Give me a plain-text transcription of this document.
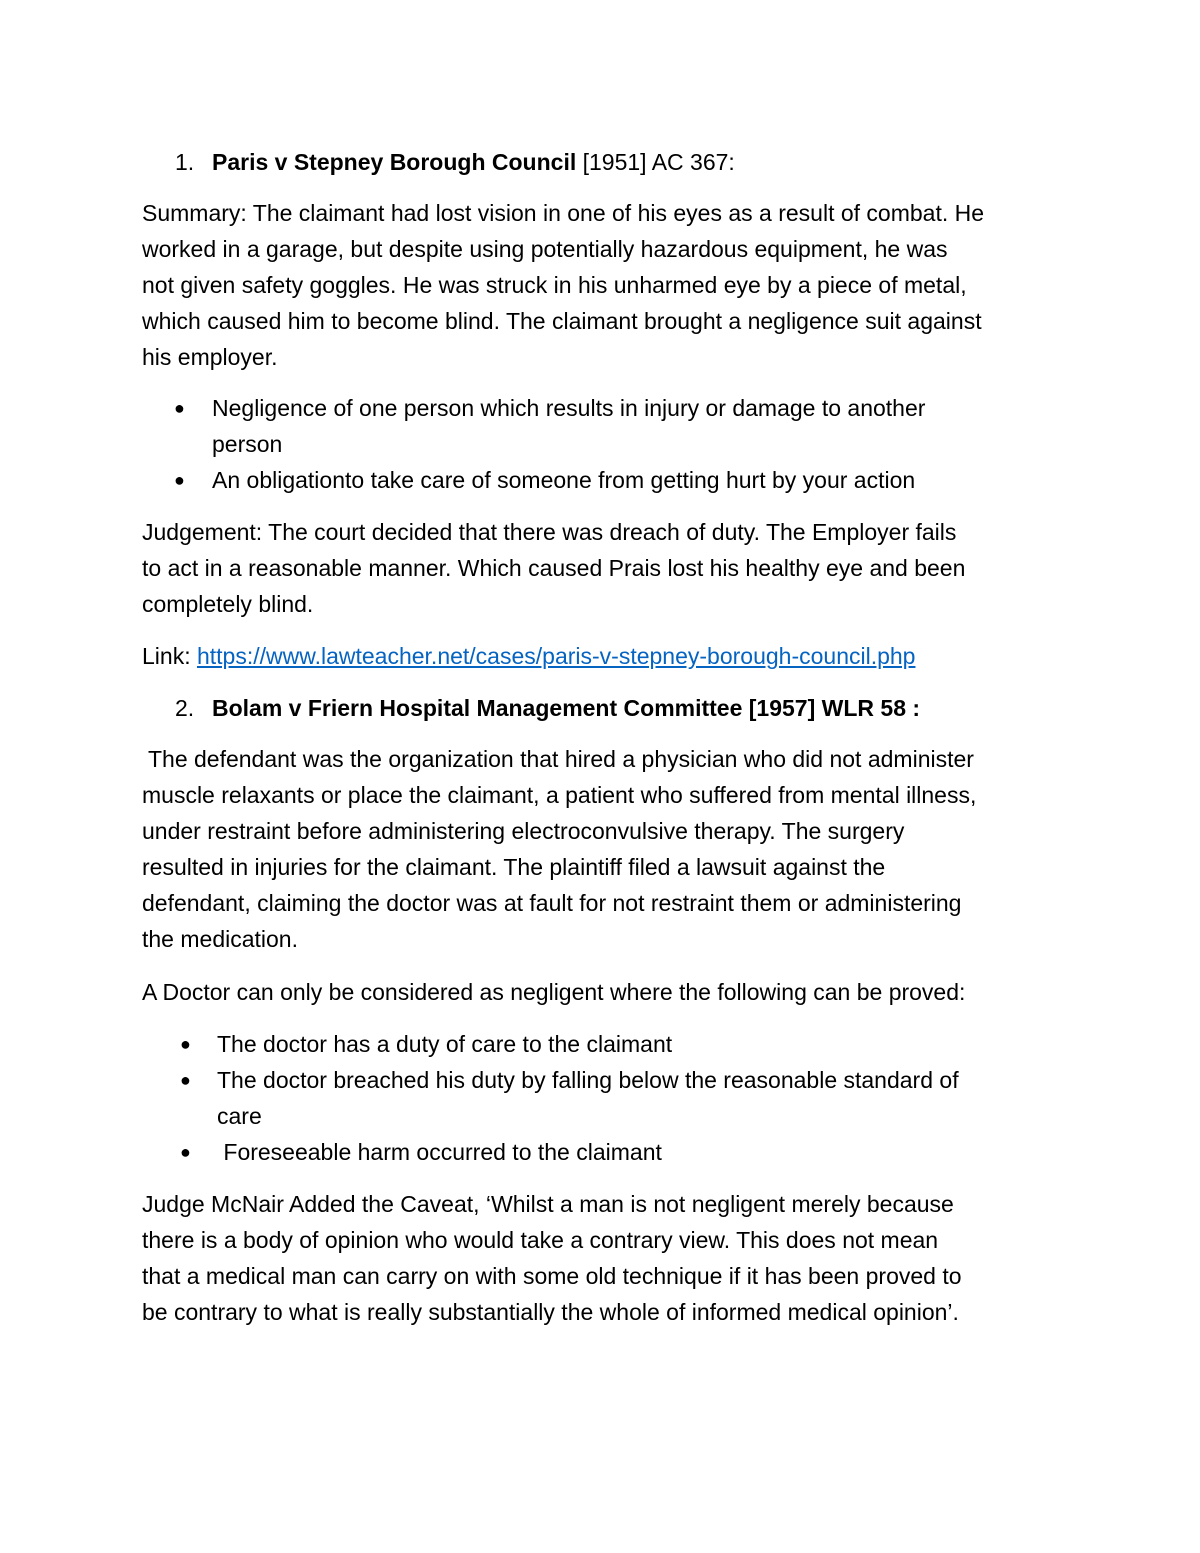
1. Paris v Stepney Borough Council [1951] AC 367:
Summary: The claimant had lost vision in one of his eyes as a result of combat. He
worked in a garage, but despite using potentially hazardous equipment, he was
not given safety goggles. He was struck in his unharmed eye by a piece of metal,
which caused him to become blind. The claimant brought a negligence suit against
his employer.
● Negligence of one person which results in injury or damage to another
person
● An obligationto take care of someone from getting hurt by your action
Judgement: The court decided that there was dreach of duty. The Employer fails
to act in a reasonable manner. Which caused Prais lost his healthy eye and been
completely blind.
Link: https://www.lawteacher.net/cases/paris-v-stepney-borough-council.php
2. Bolam v Friern Hospital Management Committee [1957] WLR 58 :
The defendant was the organization that hired a physician who did not administer
muscle relaxants or place the claimant, a patient who suffered from mental illness,
under restraint before administering electroconvulsive therapy. The surgery
resulted in injuries for the claimant. The plaintiff filed a lawsuit against the
defendant, claiming the doctor was at fault for not restraint them or administering
the medication.
A Doctor can only be considered as negligent where the following can be proved:
● The doctor has a duty of care to the claimant
● The doctor breached his duty by falling below the reasonable standard of
care
● Foreseeable harm occurred to the claimant
Judge McNair Added the Caveat, ‘Whilst a man is not negligent merely because
there is a body of opinion who would take a contrary view. This does not mean
that a medical man can carry on with some old technique if it has been proved to
be contrary to what is really substantially the whole of informed medical opinion’.
